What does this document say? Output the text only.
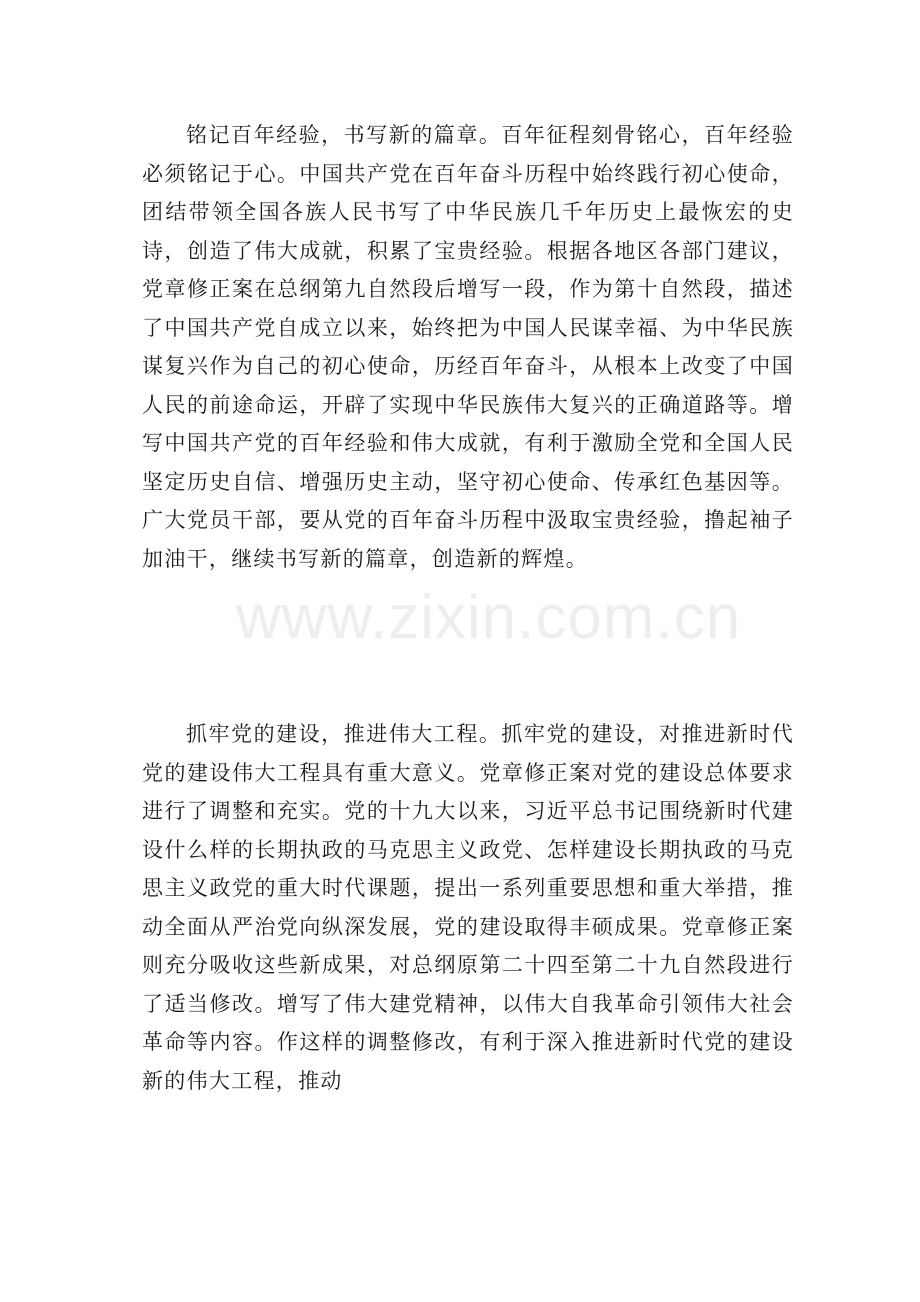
铭记百年经验，书写新的篇章。百年征程刻骨铭心，百年经验必须铭记于心。中国共产党在百年奋斗历程中始终践行初心使命，团结带领全国各族人民书写了中华民族几千年历史上最恢宏的史诗，创造了伟大成就，积累了宝贵经验。根据各地区各部门建议，党章修正案在总纲第九自然段后增写一段，作为第十自然段，描述了中国共产党自成立以来，始终把为中国人民谋幸福、为中华民族谋复兴作为自己的初心使命，历经百年奋斗，从根本上改变了中国人民的前途命运，开辟了实现中华民族伟大复兴的正确道路等。增写中国共产党的百年经验和伟大成就，有利于激励全党和全国人民坚定历史自信、增强历史主动，坚守初心使命、传承红色基因等。广大党员干部，要从党的百年奋斗历程中汲取宝贵经验，撸起袖子加油干，继续书写新的篇章，创造新的辉煌。

www.zixin.com.cn

抓牢党的建设，推进伟大工程。抓牢党的建设，对推进新时代党的建设伟大工程具有重大意义。党章修正案对党的建设总体要求进行了调整和充实。党的十九大以来，习近平总书记围绕新时代建设什么样的长期执政的马克思主义政党、怎样建设长期执政的马克思主义政党的重大时代课题，提出一系列重要思想和重大举措，推动全面从严治党向纵深发展，党的建设取得丰硕成果。党章修正案则充分吸收这些新成果，对总纲原第二十四至第二十九自然段进行了适当修改。增写了伟大建党精神，以伟大自我革命引领伟大社会革命等内容。作这样的调整修改，有利于深入推进新时代党的建设新的伟大工程，推动
